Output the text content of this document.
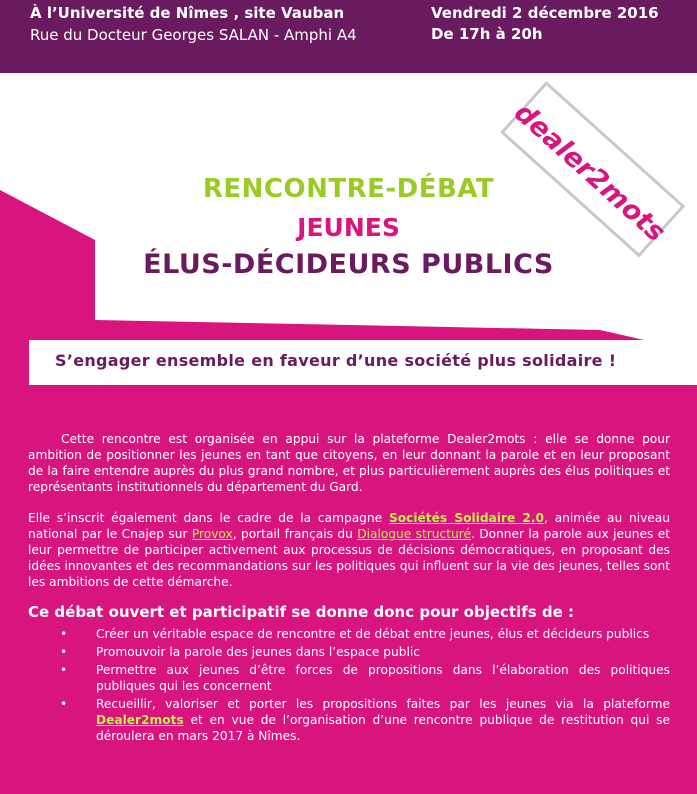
dealer2mots
À l’Université de Nîmes , site Vauban
Rue du Docteur Georges SALAN - Amphi A4
Vendredi 2 décembre 2016
De 17h à 20h
RENCONTRE-DÉBAT
JEUNES
ÉLUS-DÉCIDEURS PUBLICS
S’engager ensemble en faveur d’une société plus solidaire !

Cette rencontre est organisée en appui sur la plateforme Dealer2mots : elle se donne pour ambition de positionner les jeunes en tant que citoyens, en leur donnant la parole et en leur proposant de la faire entendre auprès du plus grand nombre, et plus particulièrement auprès des élus politiques et représentants institutionnels du département du Gard.

Elle s’inscrit également dans le cadre de la campagne Sociétés Solidaire 2.0, animée au niveau national par le Cnajep sur Provox, portail français du Dialogue structuré. Donner la parole aux jeunes et leur permettre de participer activement aux processus de décisions démocratiques, en proposant des idées innovantes et des recommandations sur les politiques qui influent sur la vie des jeunes, telles sont les ambitions de cette démarche.

Ce débat ouvert et participatif se donne donc pour objectifs de :
• Créer un véritable espace de rencontre et de débat entre jeunes, élus et décideurs publics
• Promouvoir la parole des jeunes dans l’espace public
• Permettre aux jeunes d’être forces de propositions dans l’élaboration des politiques publiques qui les concernent
• Recueillir, valoriser et porter les propositions faites par les jeunes via la plateforme Dealer2mots et en vue de l’organisation d’une rencontre publique de restitution qui se déroulera en mars 2017 à Nîmes.
